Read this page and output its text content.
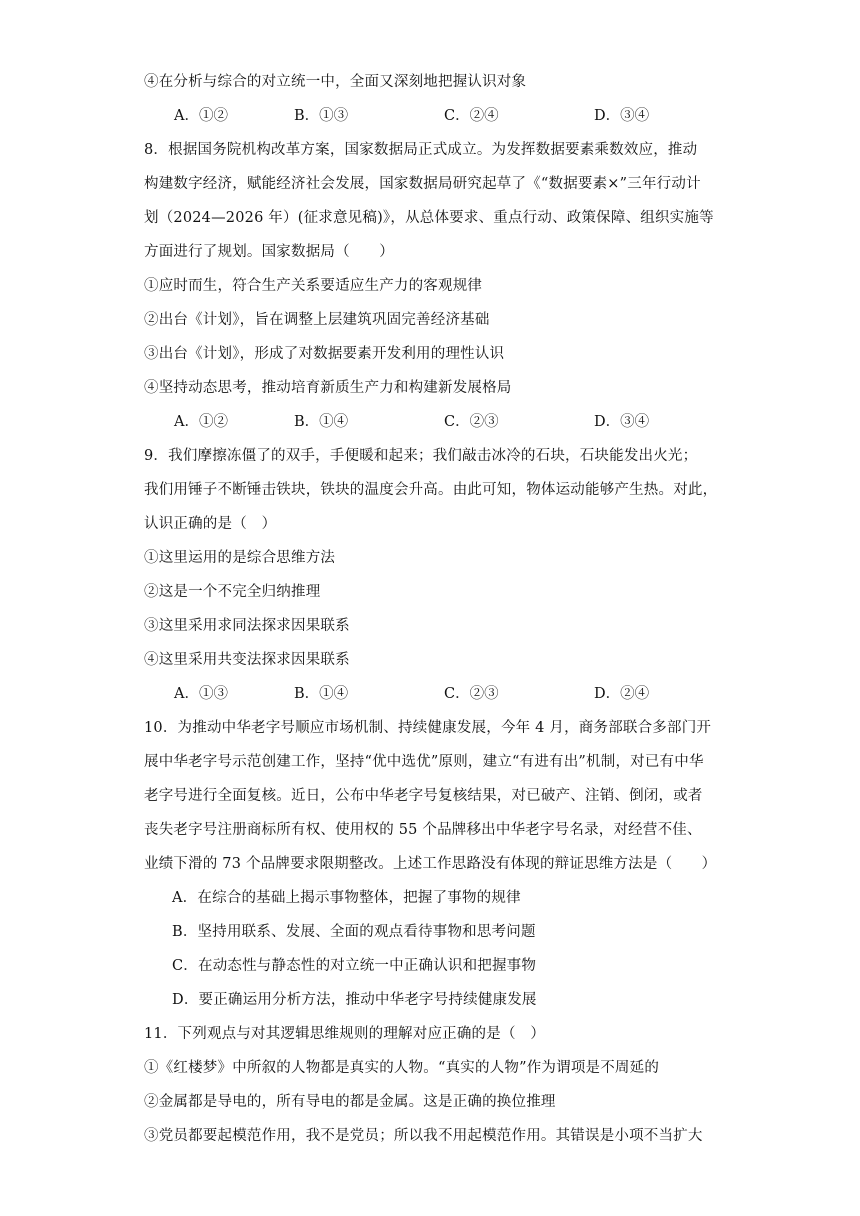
④在分析与综合的对立统一中，全面又深刻地把握认识对象
A．①②	B．①③	C．②④	D．③④
8．根据国务院机构改革方案，国家数据局正式成立。为发挥数据要素乘数效应，推动
构建数字经济，赋能经济社会发展，国家数据局研究起草了《“数据要素×”三年行动计
划（2024—2026 年）(征求意见稿)》，从总体要求、重点行动、政策保障、组织实施等
方面进行了规划。国家数据局（　　）
①应时而生，符合生产关系要适应生产力的客观规律
②出台《计划》，旨在调整上层建筑巩固完善经济基础
③出台《计划》，形成了对数据要素开发利用的理性认识
④坚持动态思考，推动培育新质生产力和构建新发展格局
A．①②	B．①④	C．②③	D．③④
9．我们摩擦冻僵了的双手，手便暖和起来；我们敲击冰冷的石块，石块能发出火光；
我们用锤子不断锤击铁块，铁块的温度会升高。由此可知，物体运动能够产生热。对此，
认识正确的是（　）
①这里运用的是综合思维方法
②这是一个不完全归纳推理
③这里采用求同法探求因果联系
④这里采用共变法探求因果联系
A．①③	B．①④	C．②③	D．②④
10．为推动中华老字号顺应市场机制、持续健康发展，今年 4 月，商务部联合多部门开
展中华老字号示范创建工作，坚持“优中选优”原则，建立“有进有出”机制，对已有中华
老字号进行全面复核。近日，公布中华老字号复核结果，对已破产、注销、倒闭，或者
丧失老字号注册商标所有权、使用权的 55 个品牌移出中华老字号名录，对经营不佳、
业绩下滑的 73 个品牌要求限期整改。上述工作思路没有体现的辩证思维方法是（　　）
A．在综合的基础上揭示事物整体，把握了事物的规律
B．坚持用联系、发展、全面的观点看待事物和思考问题
C．在动态性与静态性的对立统一中正确认识和把握事物
D．要正确运用分析方法，推动中华老字号持续健康发展
11．下列观点与对其逻辑思维规则的理解对应正确的是（　）
①《红楼梦》中所叙的人物都是真实的人物。“真实的人物”作为谓项是不周延的
②金属都是导电的，所有导电的都是金属。这是正确的换位推理
③党员都要起模范作用，我不是党员；所以我不用起模范作用。其错误是小项不当扩大
